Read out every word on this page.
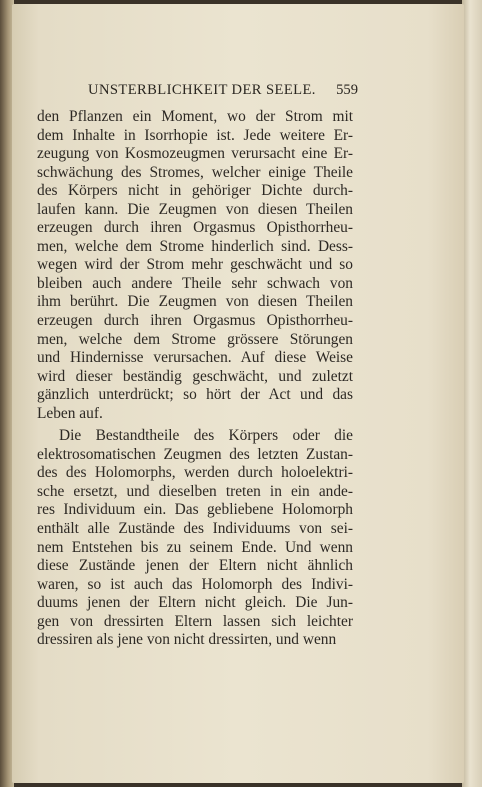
UNSTERBLICHKEIT DER SEELE. 559
den Pflanzen ein Moment, wo der Strom mit
dem Inhalte in Isorrhopie ist. Jede weitere Er-
zeugung von Kosmozeugmen verursacht eine Er-
schwächung des Stromes, welcher einige Theile
des Körpers nicht in gehöriger Dichte durch-
laufen kann. Die Zeugmen von diesen Theilen
erzeugen durch ihren Orgasmus Opisthorrheu-
men, welche dem Strome hinderlich sind. Dess-
wegen wird der Strom mehr geschwächt und so
bleiben auch andere Theile sehr schwach von
ihm berührt. Die Zeugmen von diesen Theilen
erzeugen durch ihren Orgasmus Opisthorrheu-
men, welche dem Strome grössere Störungen
und Hindernisse verursachen. Auf diese Weise
wird dieser beständig geschwächt, und zuletzt
gänzlich unterdrückt; so hört der Act und das
Leben auf.
Die Bestandtheile des Körpers oder die
elektrosomatischen Zeugmen des letzten Zustan-
des des Holomorphs, werden durch holoelektri-
sche ersetzt, und dieselben treten in ein ande-
res Individuum ein. Das gebliebene Holomorph
enthält alle Zustände des Individuums von sei-
nem Entstehen bis zu seinem Ende. Und wenn
diese Zustände jenen der Eltern nicht ähnlich
waren, so ist auch das Holomorph des Indivi-
duums jenen der Eltern nicht gleich. Die Jun-
gen von dressirten Eltern lassen sich leichter
dressiren als jene von nicht dressirten, und wenn
